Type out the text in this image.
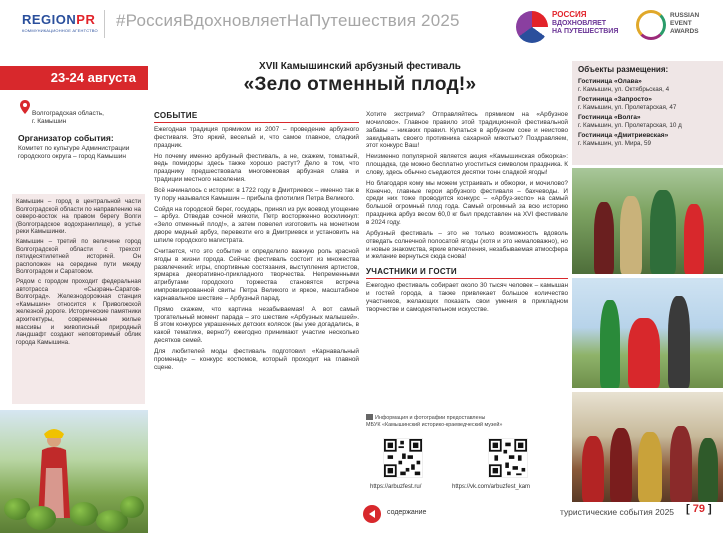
REGIONPR
КОММУНИКАЦИОННОЕ АГЕНТСТВО
#РоссияВдохновляетНаПутешествия 2025	РОССИЯ
ВДОХНОВЛЯЕТ
НА ПУТЕШЕСТВИЯ
RUSSIAN
EVENT
AWARDS
23-24 августа
Волгоградская область,
г. Камышин
Организатор события:
Комитет по культуре Администрации городского округа – город Камышин

Камышин – город в центральной части Волгоградской области по направлению на северо-восток на правом берегу Волги (Волгоградское водохранилище), в устье реки Камышинки.

Камышин – третий по величине город Волгоградской области с трехсот пятидесятилетней историей. Он расположен на середине пути между Волгоградом и Саратовом.

Рядом с городом проходит федеральная автотрасса «Сызрань-Саратов-Волгоград». Железнодорожная станция «Камышин» относится к Приволжской железной дороге. Исторические памятники архитектуры, современные жилые массивы и живописный природный ландшафт создают неповторимый облик города Камышина.

XVII Камышинский арбузный фестиваль
«Зело отменный плод!»
СОБЫТИЕ

Ежегодная традиция прямиком из 2007 – проведение арбузного фестиваля. Это яркий, веселый и, что самое главное, сладкий праздник.

Но почему именно арбузный фестиваль, а не, скажем, томатный, ведь помидоры здесь также хорошо растут? Дело в том, что празднику предшествовала многовековая арбузная слава и традиции местного населения.

Всё начиналось с истории: в 1722 году в Дмитриевск – именно так в ту пору назывался Камышин – прибыла флотилия Петра Великого.

Сойдя на городской берег, государь, принял из рук воевод угощение – арбуз. Отведав сочной мякоти, Петр восторженно воскликнул: «Зело отменный плод!», а затем повелел изготовить на монетном дворе медный арбуз, перевезти его в Дмитриевск и установить на шпиле городского магистрата.

Считается, что это событие и определило важную роль красной ягоды в жизни города. Сейчас фестиваль состоит из множества развлечений: игры, спортивные состязания, выступления артистов, ярмарка декоративно-прикладного творчества. Непременными атрибутами городского торжества становятся встреча импровизированной свиты Петра Великого и яркое, масштабное карнавальное шествие – Арбузный парад.

Прямо скажем, что картина незабываемая! А вот самый трогательный момент парада – это шествие «Арбузных малышей». В этом конкурсе украшенных детских колясок (вы уже догадались, в какой тематике, верно?) ежегодно принимают участие несколько десятков семей.

Для любителей моды фестиваль подготовил «Карнавальный променад» – конкурс костюмов, который проходит на главной сцене.

Хотите экстрима? Отправляйтесь прямиком на «Арбузное мочилово». Главное правило этой традиционной фестивальной забавы – никаких правил. Купаться в арбузном соке и неистово закидывать своего противника сахарной мякотью? Поздравляем, этот конкурс Ваш!

Неизменно популярной является акция «Камышинская обжорка»: площадка, где можно бесплатно угоститься символом праздника. К слову, здесь обычно съедаются десятки тонн сладкой ягоды!

Но благодаря кому мы можем устраивать и обжорки, и мочилово? Конечно, главные герои арбузного фестиваля – бахчеводы. И среди них тоже проводится конкурс – «Арбуз-экспо» на самый большой огромный плод года. Самый огромный за всю историю праздника арбуз весом 60,0 кг был представлен на XVI фестивале в 2024 году.

Арбузный фестиваль – это не только возможность вдоволь отведать солнечной полосатой ягоды (хотя и это немаловажно), но и новые знакомства, яркие впечатления, незабываемая атмосфера и желание вернуться сюда снова!

УЧАСТНИКИ И ГОСТИ

Ежегодно фестиваль собирает около 30 тысяч человек – камышан и гостей города, а также привлекает большое количество участников, желающих показать свои умения в прикладном творчестве и самодеятельном искусстве.

Информация и фотографии предоставлены
МБУК «Камышинский историко-краеведческий музей»
https://arbuzfest.ru/	https://vk.com/arbuzfest_kam
Объекты размещения:
Гостиница «Олава»
г. Камышин, ул. Октябрьская, 4
Гостиница «Запросто»
г. Камышин, ул. Пролетарская, 47
Гостиница «Волга»
г. Камышин, ул. Пролетарская, 10 д
Гостиница «Дмитриевская»
г. Камышин, ул. Мира, 59
содержание	туристические события 2025 [ 79 ]
